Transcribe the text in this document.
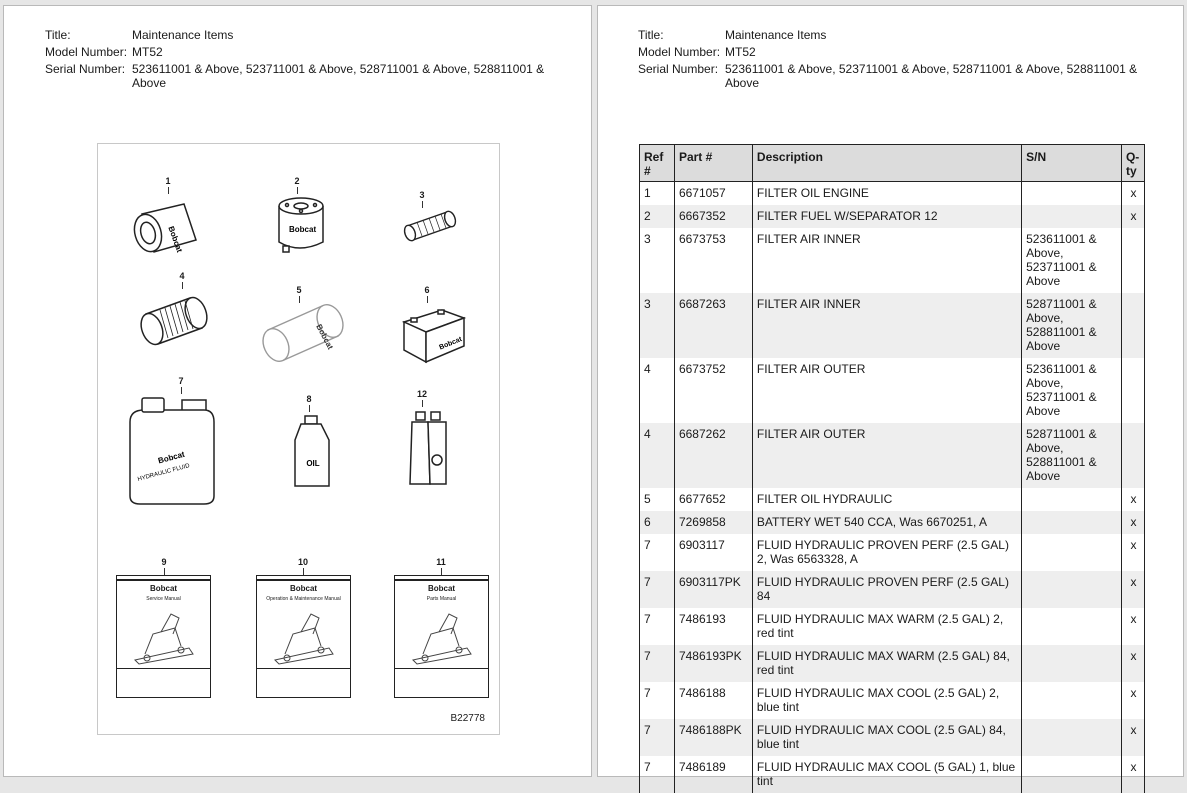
Title:	Maintenance Items
Model Number: MT52
Serial Number: 523611001 & Above, 523711001 & Above, 528711001 & Above, 528811001 & Above
1
Bobcat
2
Bobcat
3
4
5
Bobcat
6
Bobcat
7
Bobcat
HYDRAULIC FLUID
8
OIL
12
9
Bobcat
Service Manual
10
Bobcat
Operation & Maintenance Manual
11
Bobcat
Parts Manual
B22778
Title:	Maintenance Items
Model Number: MT52
Serial Number: 523611001 & Above, 523711001 & Above, 528711001 & Above, 528811001 & Above
Ref #	Part #	Description	S/N	Q-ty
1	6671057	FILTER OIL ENGINE		x
2	6667352	FILTER FUEL W/SEPARATOR 12		x
3	6673753	FILTER AIR INNER	523611001 & Above, 523711001 & Above	
3	6687263	FILTER AIR INNER	528711001 & Above, 528811001 & Above	
4	6673752	FILTER AIR OUTER	523611001 & Above, 523711001 & Above	
4	6687262	FILTER AIR OUTER	528711001 & Above, 528811001 & Above	
5	6677652	FILTER OIL HYDRAULIC		x
6	7269858	BATTERY WET 540 CCA, Was 6670251, A		x
7	6903117	FLUID HYDRAULIC PROVEN PERF (2.5 GAL) 2, Was 6563328, A		x
7	6903117PK	FLUID HYDRAULIC PROVEN PERF (2.5 GAL) 84		x
7	7486193	FLUID HYDRAULIC MAX WARM (2.5 GAL) 2, red tint		x
7	7486193PK	FLUID HYDRAULIC MAX WARM (2.5 GAL) 84, red tint		x
7	7486188	FLUID HYDRAULIC MAX COOL (2.5 GAL) 2, blue tint		x
7	7486188PK	FLUID HYDRAULIC MAX COOL (2.5 GAL) 84, blue tint		x
7	7486189	FLUID HYDRAULIC MAX COOL (5 GAL) 1, blue tint		x
